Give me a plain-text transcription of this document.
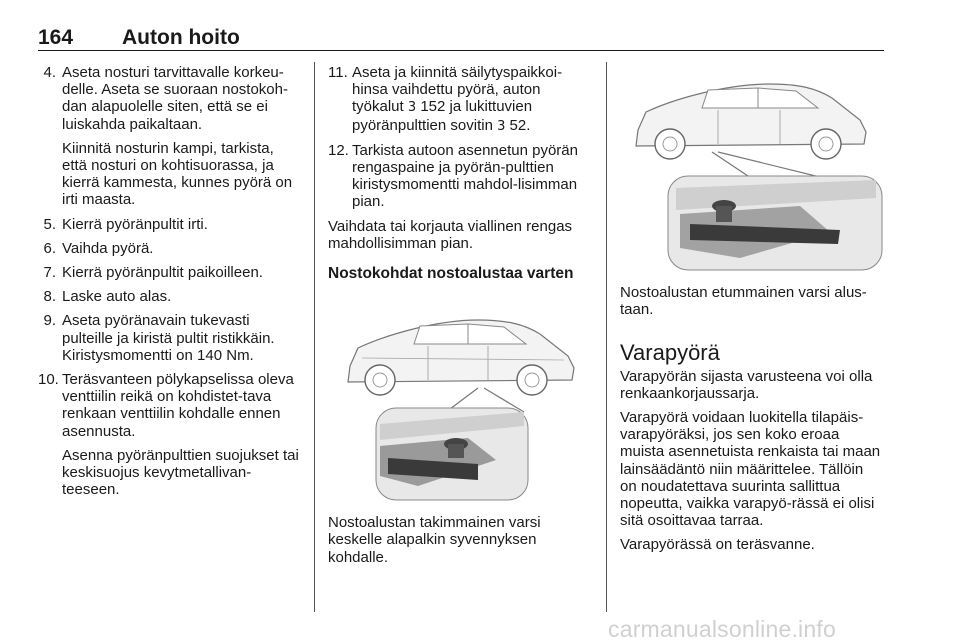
164 Auton hoito
4. Aseta nosturi tarvittavalle korkeu-delle. Aseta se suoraan nostokoh-dan alapuolelle siten, että se ei luiskahda paikaltaan.
Kiinnitä nosturin kampi, tarkista, että nosturi on kohtisuorassa, ja kierrä kammesta, kunnes pyörä on irti maasta.
5. Kierrä pyöränpultit irti.
6. Vaihda pyörä.
7. Kierrä pyöränpultit paikoilleen.
8. Laske auto alas.
9. Aseta pyöränavain tukevasti pulteille ja kiristä pultit ristikkäin. Kiristysmomentti on 140 Nm.
10. Teräsvanteen pölykapselissa oleva venttiilin reikä on kohdistet-tava renkaan venttiilin kohdalle ennen asennusta.
Asenna pyöränpulttien suojukset tai keskisuojus kevytmetallivan-teeseen.
11. Aseta ja kiinnitä säilytyspaikkoi-hinsa vaihdettu pyörä, auton työkalut 3 152 ja lukittuvien pyöränpulttien sovitin 3 52.
12. Tarkista autoon asennetun pyörän rengaspaine ja pyörän-pulttien kiristysmomentti mahdol-lisimman pian.

Vaihdata tai korjauta viallinen rengas mahdollisimman pian.

Nostokohdat nostoalustaa varten
Nostoalustan takimmainen varsi keskelle alapalkin syvennyksen kohdalle.
Nostoalustan etummainen varsi alus-taan.
Varapyörä

Varapyörän sijasta varusteena voi olla renkaankorjaussarja.

Varapyörä voidaan luokitella tilapäis-varapyöräksi, jos sen koko eroaa muista asennetuista renkaista tai maan lainsäädäntö niin määrittelee. Tällöin on noudatettava suurinta sallittua nopeutta, vaikka varapyö-rässä ei olisi sitä osoittavaa tarraa.

Varapyörässä on teräsvanne.

carmanualsonline.info
